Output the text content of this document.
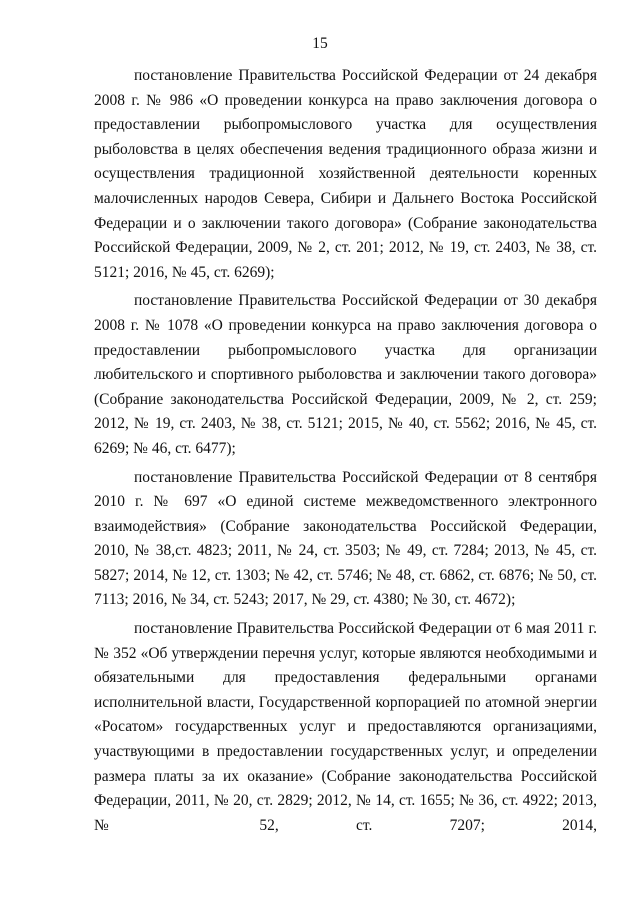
15

постановление Правительства Российской Федерации от 24 декабря 2008 г. № 986 «О проведении конкурса на право заключения договора о предоставлении рыбопромыслового участка для осуществления рыболовства в целях обеспечения ведения традиционного образа жизни и осуществления традиционной хозяйственной деятельности коренных малочисленных народов Севера, Сибири и Дальнего Востока Российской Федерации и о заключении такого договора» (Собрание законодательства Российской Федерации, 2009, № 2, ст. 201; 2012, № 19, ст. 2403, № 38, ст. 5121; 2016, № 45, ст. 6269);

постановление Правительства Российской Федерации от 30 декабря 2008 г. № 1078 «О проведении конкурса на право заключения договора о предоставлении рыбопромыслового участка для организации любительского и спортивного рыболовства и заключении такого договора» (Собрание законодательства Российской Федерации, 2009, № 2, ст. 259; 2012, № 19, ст. 2403, № 38, ст. 5121; 2015, № 40, ст. 5562; 2016, № 45, ст. 6269; № 46, ст. 6477);

постановление Правительства Российской Федерации от 8 сентября 2010 г. № 697 «О единой системе межведомственного электронного взаимодействия» (Собрание законодательства Российской Федерации, 2010, № 38,ст. 4823; 2011, № 24, ст. 3503; № 49, ст. 7284; 2013, № 45, ст. 5827; 2014, № 12, ст. 1303; № 42, ст. 5746; № 48, ст. 6862, ст. 6876; № 50, ст. 7113; 2016, № 34, ст. 5243; 2017, № 29, ст. 4380; № 30, ст. 4672);

постановление Правительства Российской Федерации от 6 мая 2011 г. № 352 «Об утверждении перечня услуг, которые являются необходимыми и обязательными для предоставления федеральными органами исполнительной власти, Государственной корпорацией по атомной энергии «Росатом» государственных услуг и предоставляются организациями, участвующими в предоставлении государственных услуг, и определении размера платы за их оказание» (Собрание законодательства Российской Федерации, 2011, № 20, ст. 2829; 2012, № 14, ст. 1655; № 36, ст. 4922; 2013, № 52, ст. 7207; 2014,
